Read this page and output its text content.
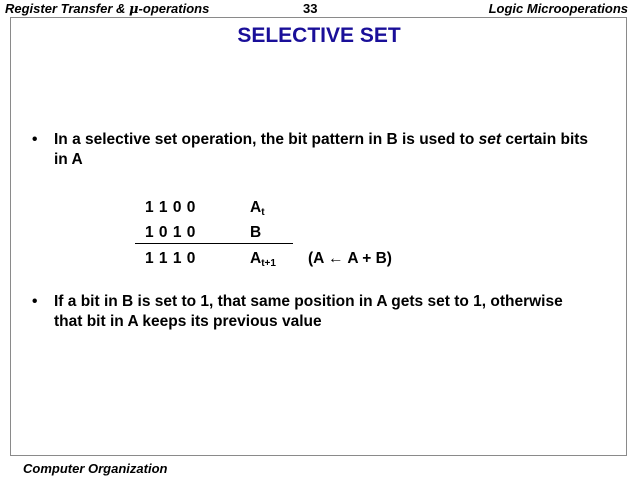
Register Transfer & μ-operations	33	Logic Microoperations
SELECTIVE SET
• In a selective set operation, the bit pattern in B is used to set certain bits in A
1 1 0 0	$A_t$
1 0 1 0	B
1 1 1 0	$A_{t+1}$ (A ← A + B)
• If a bit in B is set to 1, that same position in A gets set to 1, otherwise that bit in A keeps its previous value
Computer Organization
